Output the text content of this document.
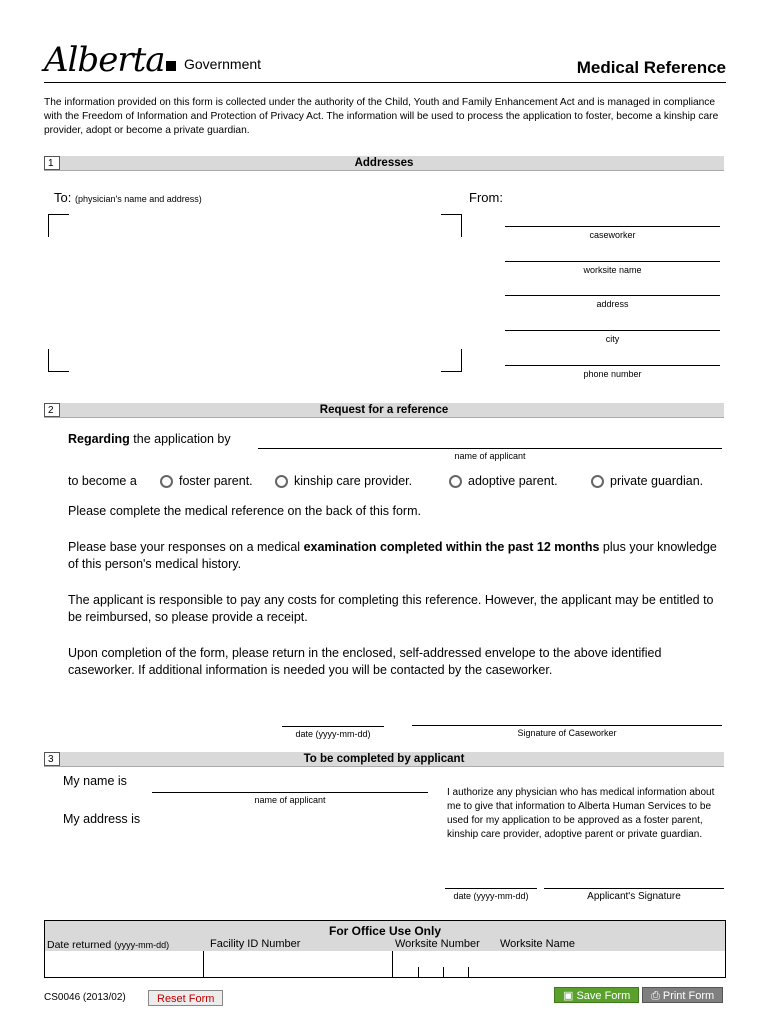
Alberta Government	Medical Reference
The information provided on this form is collected under the authority of the Child, Youth and Family Enhancement Act and is managed in compliance with the Freedom of Information and Protection of Privacy Act. The information will be used to process the application to foster, become a kinship care provider, adopt or become a private guardian.
1	Addresses
To: (physician's name and address)	From:
caseworker
worksite name
address
city
phone number
2	Request for a reference
Regarding the application by
name of applicant
to become a	foster parent.	kinship care provider.	adoptive parent.	private guardian.
Please complete the medical reference on the back of this form.
Please base your responses on a medical examination completed within the past 12 months plus your knowledge of this person's medical history.
The applicant is responsible to pay any costs for completing this reference. However, the applicant may be entitled to be reimbursed, so please provide a receipt.
Upon completion of the form, please return in the enclosed, self-addressed envelope to the above identified caseworker. If additional information is needed you will be contacted by the caseworker.
date (yyyy-mm-dd)	Signature of Caseworker
3	To be completed by applicant
My name is
name of applicant
My address is
I authorize any physician who has medical information about me to give that information to Alberta Human Services to be used for my application to be approved as a foster parent, kinship care provider, adoptive parent or private guardian.
date (yyyy-mm-dd)	Applicant's Signature
For Office Use Only
Date returned (yyyy-mm-dd)	Facility ID Number	Worksite Number Worksite Name
CS0046 (2013/02)	Reset Form	▣ Save Form	⎙ Print Form
